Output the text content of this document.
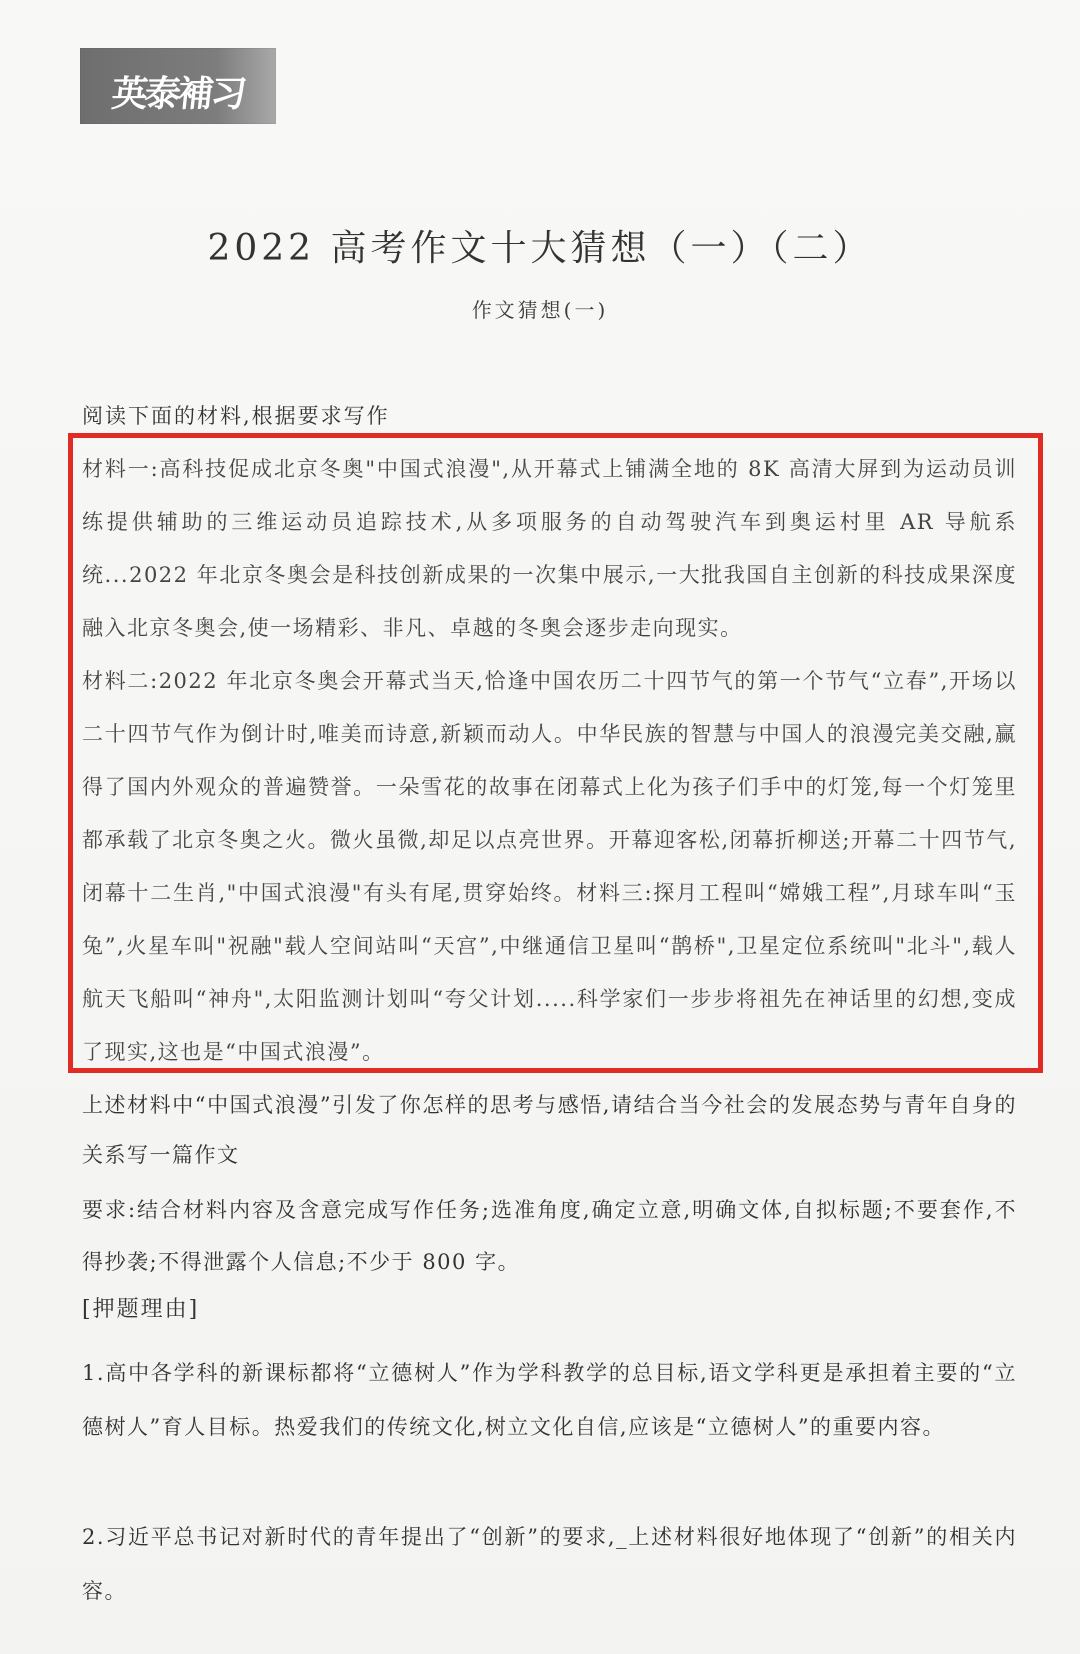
英泰補习
2022 高考作文十大猜想（一）（二）
作文猜想(一)
阅读下面的材料,根据要求写作
材料一:高科技促成北京冬奥"中国式浪漫",从开幕式上铺满全地的 8K 高清大屏到为运动员训练提供辅助的三维运动员追踪技术,从多项服务的自动驾驶汽车到奥运村里 AR 导航系统...2022 年北京冬奥会是科技创新成果的一次集中展示,一大批我国自主创新的科技成果深度融入北京冬奥会,使一场精彩、非凡、卓越的冬奥会逐步走向现实。
材料二:2022 年北京冬奥会开幕式当天,恰逢中国农历二十四节气的第一个节气“立春”,开场以二十四节气作为倒计时,唯美而诗意,新颖而动人。中华民族的智慧与中国人的浪漫完美交融,赢得了国内外观众的普遍赞誉。一朵雪花的故事在闭幕式上化为孩子们手中的灯笼,每一个灯笼里都承载了北京冬奥之火。微火虽微,却足以点亮世界。开幕迎客松,闭幕折柳送;开幕二十四节气,闭幕十二生肖,"中国式浪漫"有头有尾,贯穿始终。材料三:探月工程叫“嫦娥工程”,月球车叫“玉兔”,火星车叫"祝融"载人空间站叫“天宫”,中继通信卫星叫“鹊桥",卫星定位系统叫"北斗",载人航天飞船叫“神舟",太阳监测计划叫“夸父计划.....科学家们一步步将祖先在神话里的幻想,变成了现实,这也是“中国式浪漫”。
上述材料中“中国式浪漫”引发了你怎样的思考与感悟,请结合当今社会的发展态势与青年自身的关系写一篇作文
要求:结合材料内容及含意完成写作任务;选准角度,确定立意,明确文体,自拟标题;不要套作,不得抄袭;不得泄露个人信息;不少于 800 字。
[押题理由]
1.高中各学科的新课标都将“立德树人”作为学科教学的总目标,语文学科更是承担着主要的“立德树人”育人目标。热爱我们的传统文化,树立文化自信,应该是“立德树人”的重要内容。
2.习近平总书记对新时代的青年提出了“创新”的要求,_上述材料很好地体现了“创新”的相关内容。
